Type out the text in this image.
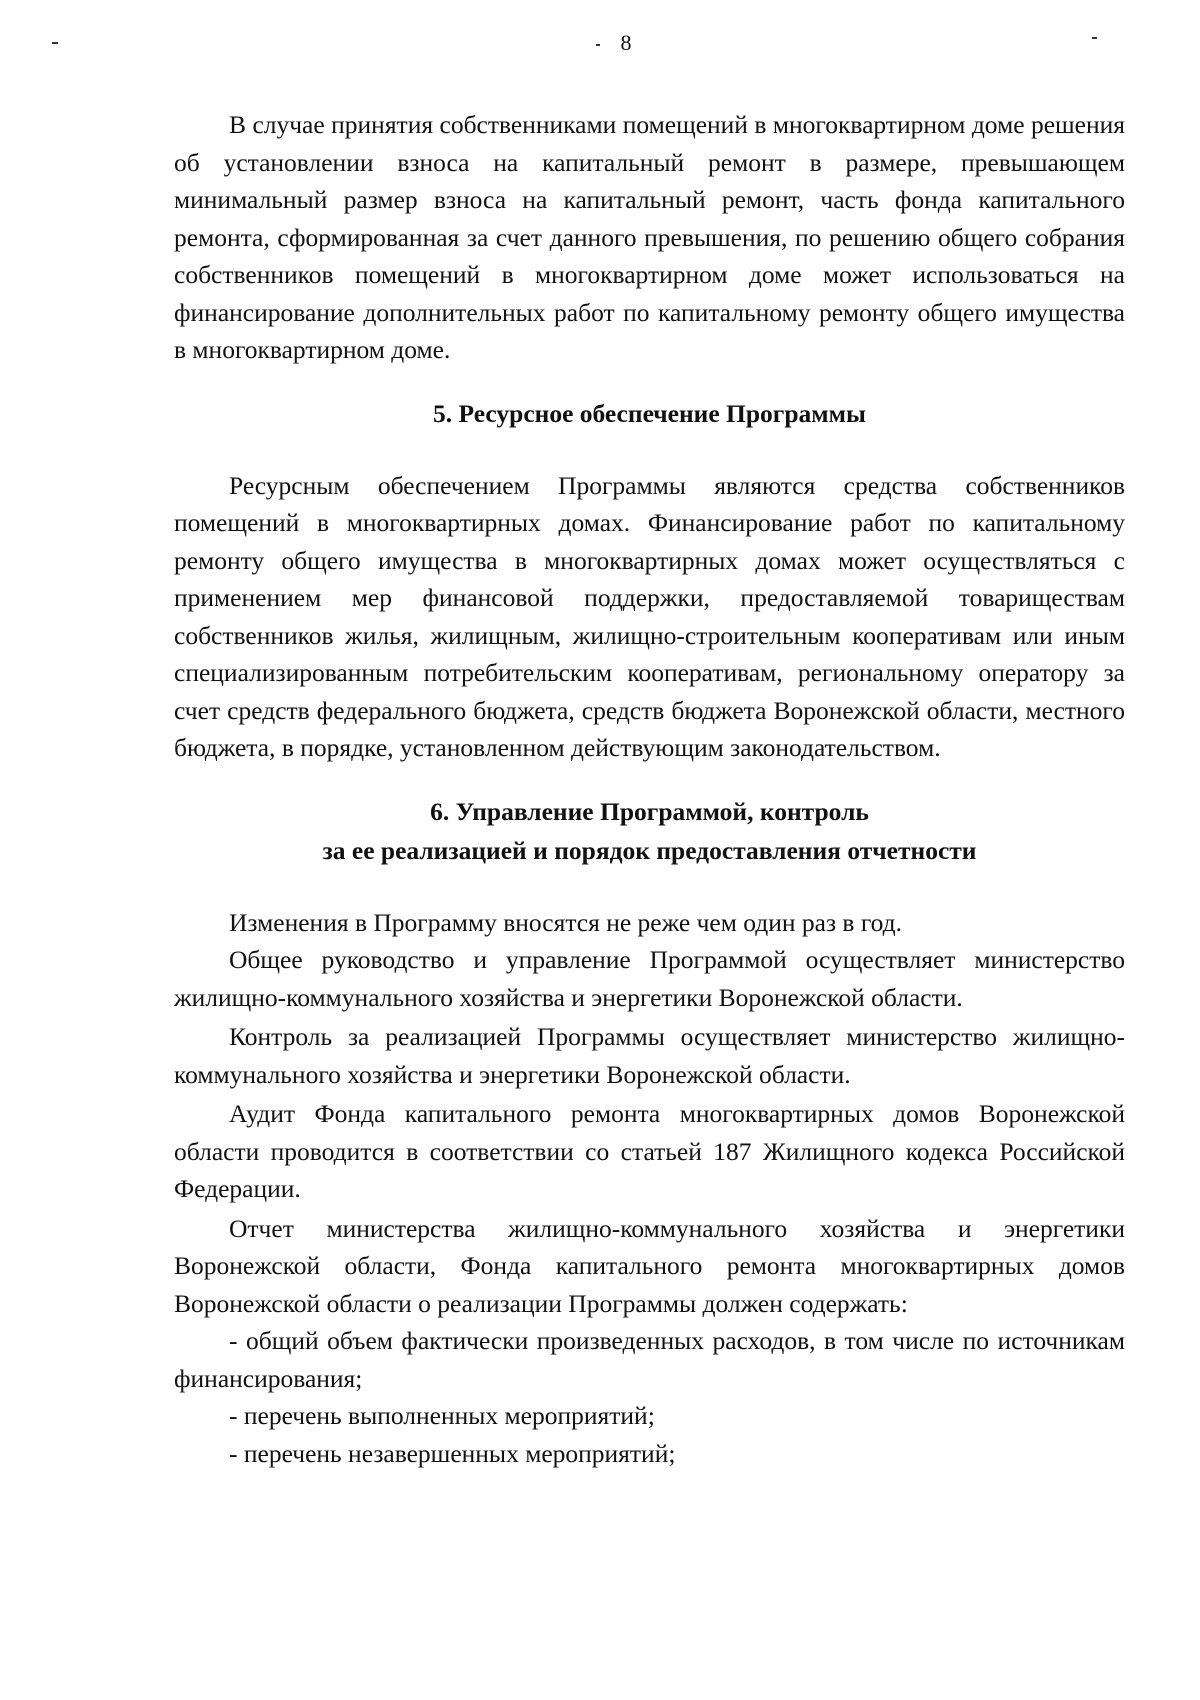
8

В случае принятия собственниками помещений в многоквартирном доме решения об установлении взноса на капитальный ремонт в размере, превышающем минимальный размер взноса на капитальный ремонт, часть фонда капитального ремонта, сформированная за счет данного превышения, по решению общего собрания собственников помещений в многоквартирном доме может использоваться на финансирование дополнительных работ по капитальному ремонту общего имущества в многоквартирном доме.

5. Ресурсное обеспечение Программы

Ресурсным обеспечением Программы являются средства собственников помещений в многоквартирных домах. Финансирование работ по капитальному ремонту общего имущества в многоквартирных домах может осуществляться с применением мер финансовой поддержки, предоставляемой товариществам собственников жилья, жилищным, жилищно-строительным кооперативам или иным специализированным потребительским кооперативам, региональному оператору за счет средств федерального бюджета, средств бюджета Воронежской области, местного бюджета, в порядке, установленном действующим законодательством.

6. Управление Программой, контроль
за ее реализацией и порядок предоставления отчетности

Изменения в Программу вносятся не реже чем один раз в год.

Общее руководство и управление Программой осуществляет министерство жилищно-коммунального хозяйства и энергетики Воронежской области.

Контроль за реализацией Программы осуществляет министерство жилищно-коммунального хозяйства и энергетики Воронежской области.

Аудит Фонда капитального ремонта многоквартирных домов Воронежской области проводится в соответствии со статьей 187 Жилищного кодекса Российской Федерации.

Отчет министерства жилищно-коммунального хозяйства и энергетики Воронежской области, Фонда капитального ремонта многоквартирных домов Воронежской области о реализации Программы должен содержать:

- общий объем фактически произведенных расходов, в том числе по источникам финансирования;

- перечень выполненных мероприятий;

- перечень незавершенных мероприятий;
